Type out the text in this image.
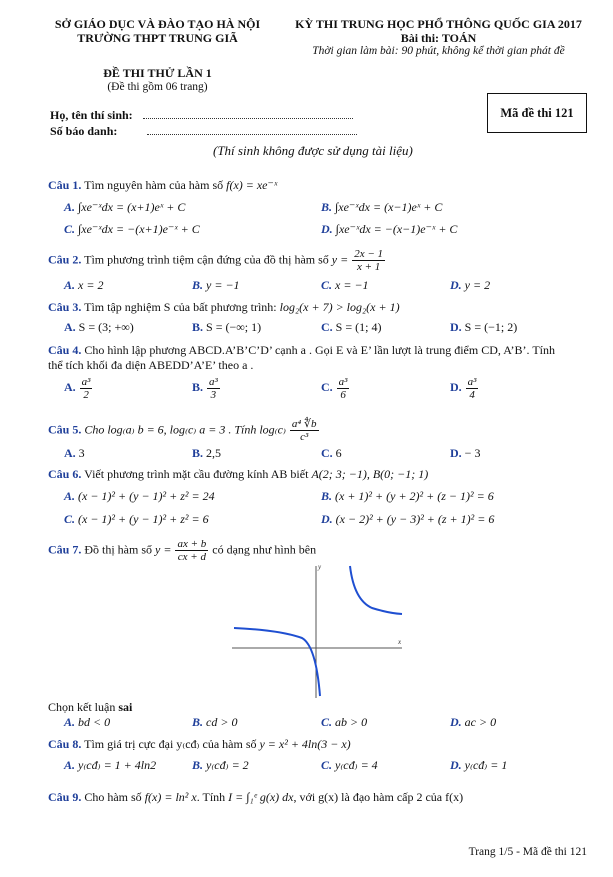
SỞ GIÁO DỤC VÀ ĐÀO TẠO HÀ NỘI
TRƯỜNG THPT TRUNG GIÃ
KỲ THI TRUNG HỌC PHỔ THÔNG QUỐC GIA 2017
Bài thi: TOÁN
Thời gian làm bài: 90 phút, không kể thời gian phát đề
ĐỀ THI THỬ LẦN 1
(Đề thi gồm 06 trang)
Họ, tên thí sinh:
Số báo danh:
Mã đề thi 121
(Thí sinh không được sử dụng tài liệu)
Câu 1. Tìm nguyên hàm của hàm số f(x) = xe⁻ˣ
A. ∫xe⁻ˣdx = (x+1)eˣ + C	B. ∫xe⁻ˣdx = (x−1)eˣ + C
C. ∫xe⁻ˣdx = −(x+1)e⁻ˣ + C	D. ∫xe⁻ˣdx = −(x−1)e⁻ˣ + C
Câu 2. Tìm phương trình tiệm cận đứng của đồ thị hàm số $y = \frac{2x - 1}{x + 1}$
A. x = 2	B. y = −1	C. x = −1	D. y = 2
Câu 3. Tìm tập nghiệm S của bất phương trình: log₂(x + 7) > log₂(x + 1)
A. S = (3; +∞)	B. S = (−∞; 1)	C. S = (1; 4)	D. S = (−1; 2)
Câu 4. Cho hình lập phương ABCD.A’B’C’D’ cạnh a . Gọi E và E’ lần lượt là trung điểm CD, A’B’. Tính
thể tích khối đa diện ABEDD’A’E’ theo a .
A. $\frac{\text{a³}}{2}$	B. $\frac{\text{a³}}{3}$	C. $\frac{\text{a³}}{6}$	D. $\frac{\text{a³}}{4}$
Câu 5. Cho log₍a₎ b = 6, log₍c₎ a = 3 . Tính $\log_(c_) \frac{\text{a⁴ ∜b}}{\text{c³}}$
A. 3	B. 2,5	C. 6	D. − 3
Câu 6. Viết phương trình mặt cầu đường kính AB biết A(2; 3; −1), B(0; −1; 1)
A. (x − 1)² + (y − 1)² + z² = 24	B. (x + 1)² + (y + 2)² + (z − 1)² = 6
C. (x − 1)² + (y − 1)² + z² = 6	D. (x − 2)² + (y − 3)² + (z + 1)² = 6
Câu 7. Đồ thị hàm số $y = \frac{ax + b}{cx + d}$ có dạng như hình bên
x
y
Chọn kết luận sai
A. bd < 0	B. cd > 0	C. ab > 0	D. ac > 0
Câu 8. Tìm giá trị cực đại y₍cđ₎ của hàm số y = x² + 4ln(3 − x)
A. y₍cđ₎ = 1 + 4ln2	B. y₍cđ₎ = 2	C. y₍cđ₎ = 4	D. y₍cđ₎ = 1
Câu 9. Cho hàm số f(x) = ln² x. Tính I = ∫₁ᵉ g(x) dx, với g(x) là đạo hàm cấp 2 của f(x)
Trang 1/5 - Mã đề thi 121
